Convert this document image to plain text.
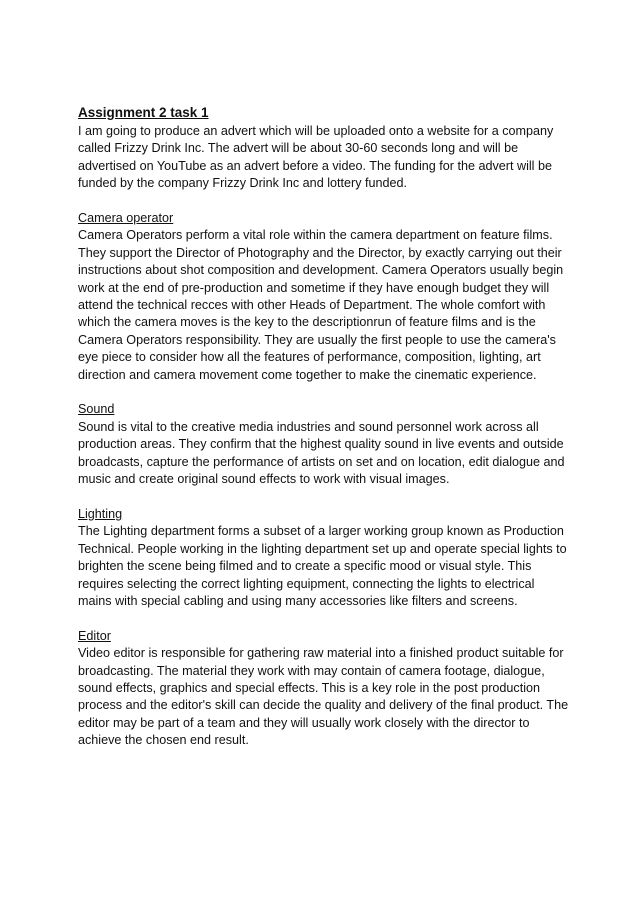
Assignment 2 task 1

I am going to produce an advert which will be uploaded onto a website for a company called Frizzy Drink Inc. The advert will be about 30-60 seconds long and will be advertised on YouTube as an advert before a video. The funding for the advert will be funded by the company Frizzy Drink Inc and lottery funded.

Camera operator

Camera Operators perform a vital role within the camera department on feature films. They support the Director of Photography and the Director, by exactly carrying out their instructions about shot composition and development. Camera Operators usually begin work at the end of pre-production and sometime if they have enough budget they will attend the technical recces with other Heads of Department. The whole comfort with which the camera moves is the key to the descriptionrun of feature films and is the Camera Operators responsibility. They are usually the first people to use the camera's eye piece to consider how all the features of performance, composition, lighting, art direction and camera movement come together to make the cinematic experience.

Sound

Sound is vital to the creative media industries and sound personnel work across all production areas. They confirm that the highest quality sound in live events and outside broadcasts, capture the performance of artists on set and on location, edit dialogue and music and create original sound effects to work with visual images.

Lighting

The Lighting department forms a subset of a larger working group known as Production Technical. People working in the lighting department set up and operate special lights to brighten the scene being filmed and to create a specific mood or visual style. This requires selecting the correct lighting equipment, connecting the lights to electrical mains with special cabling and using many accessories like filters and screens.

Editor

Video editor is responsible for gathering raw material into a finished product suitable for broadcasting. The material they work with may contain of camera footage, dialogue, sound effects, graphics and special effects. This is a key role in the post production process and the editor's skill can decide the quality and delivery of the final product. The editor may be part of a team and they will usually work closely with the director to achieve the chosen end result.
